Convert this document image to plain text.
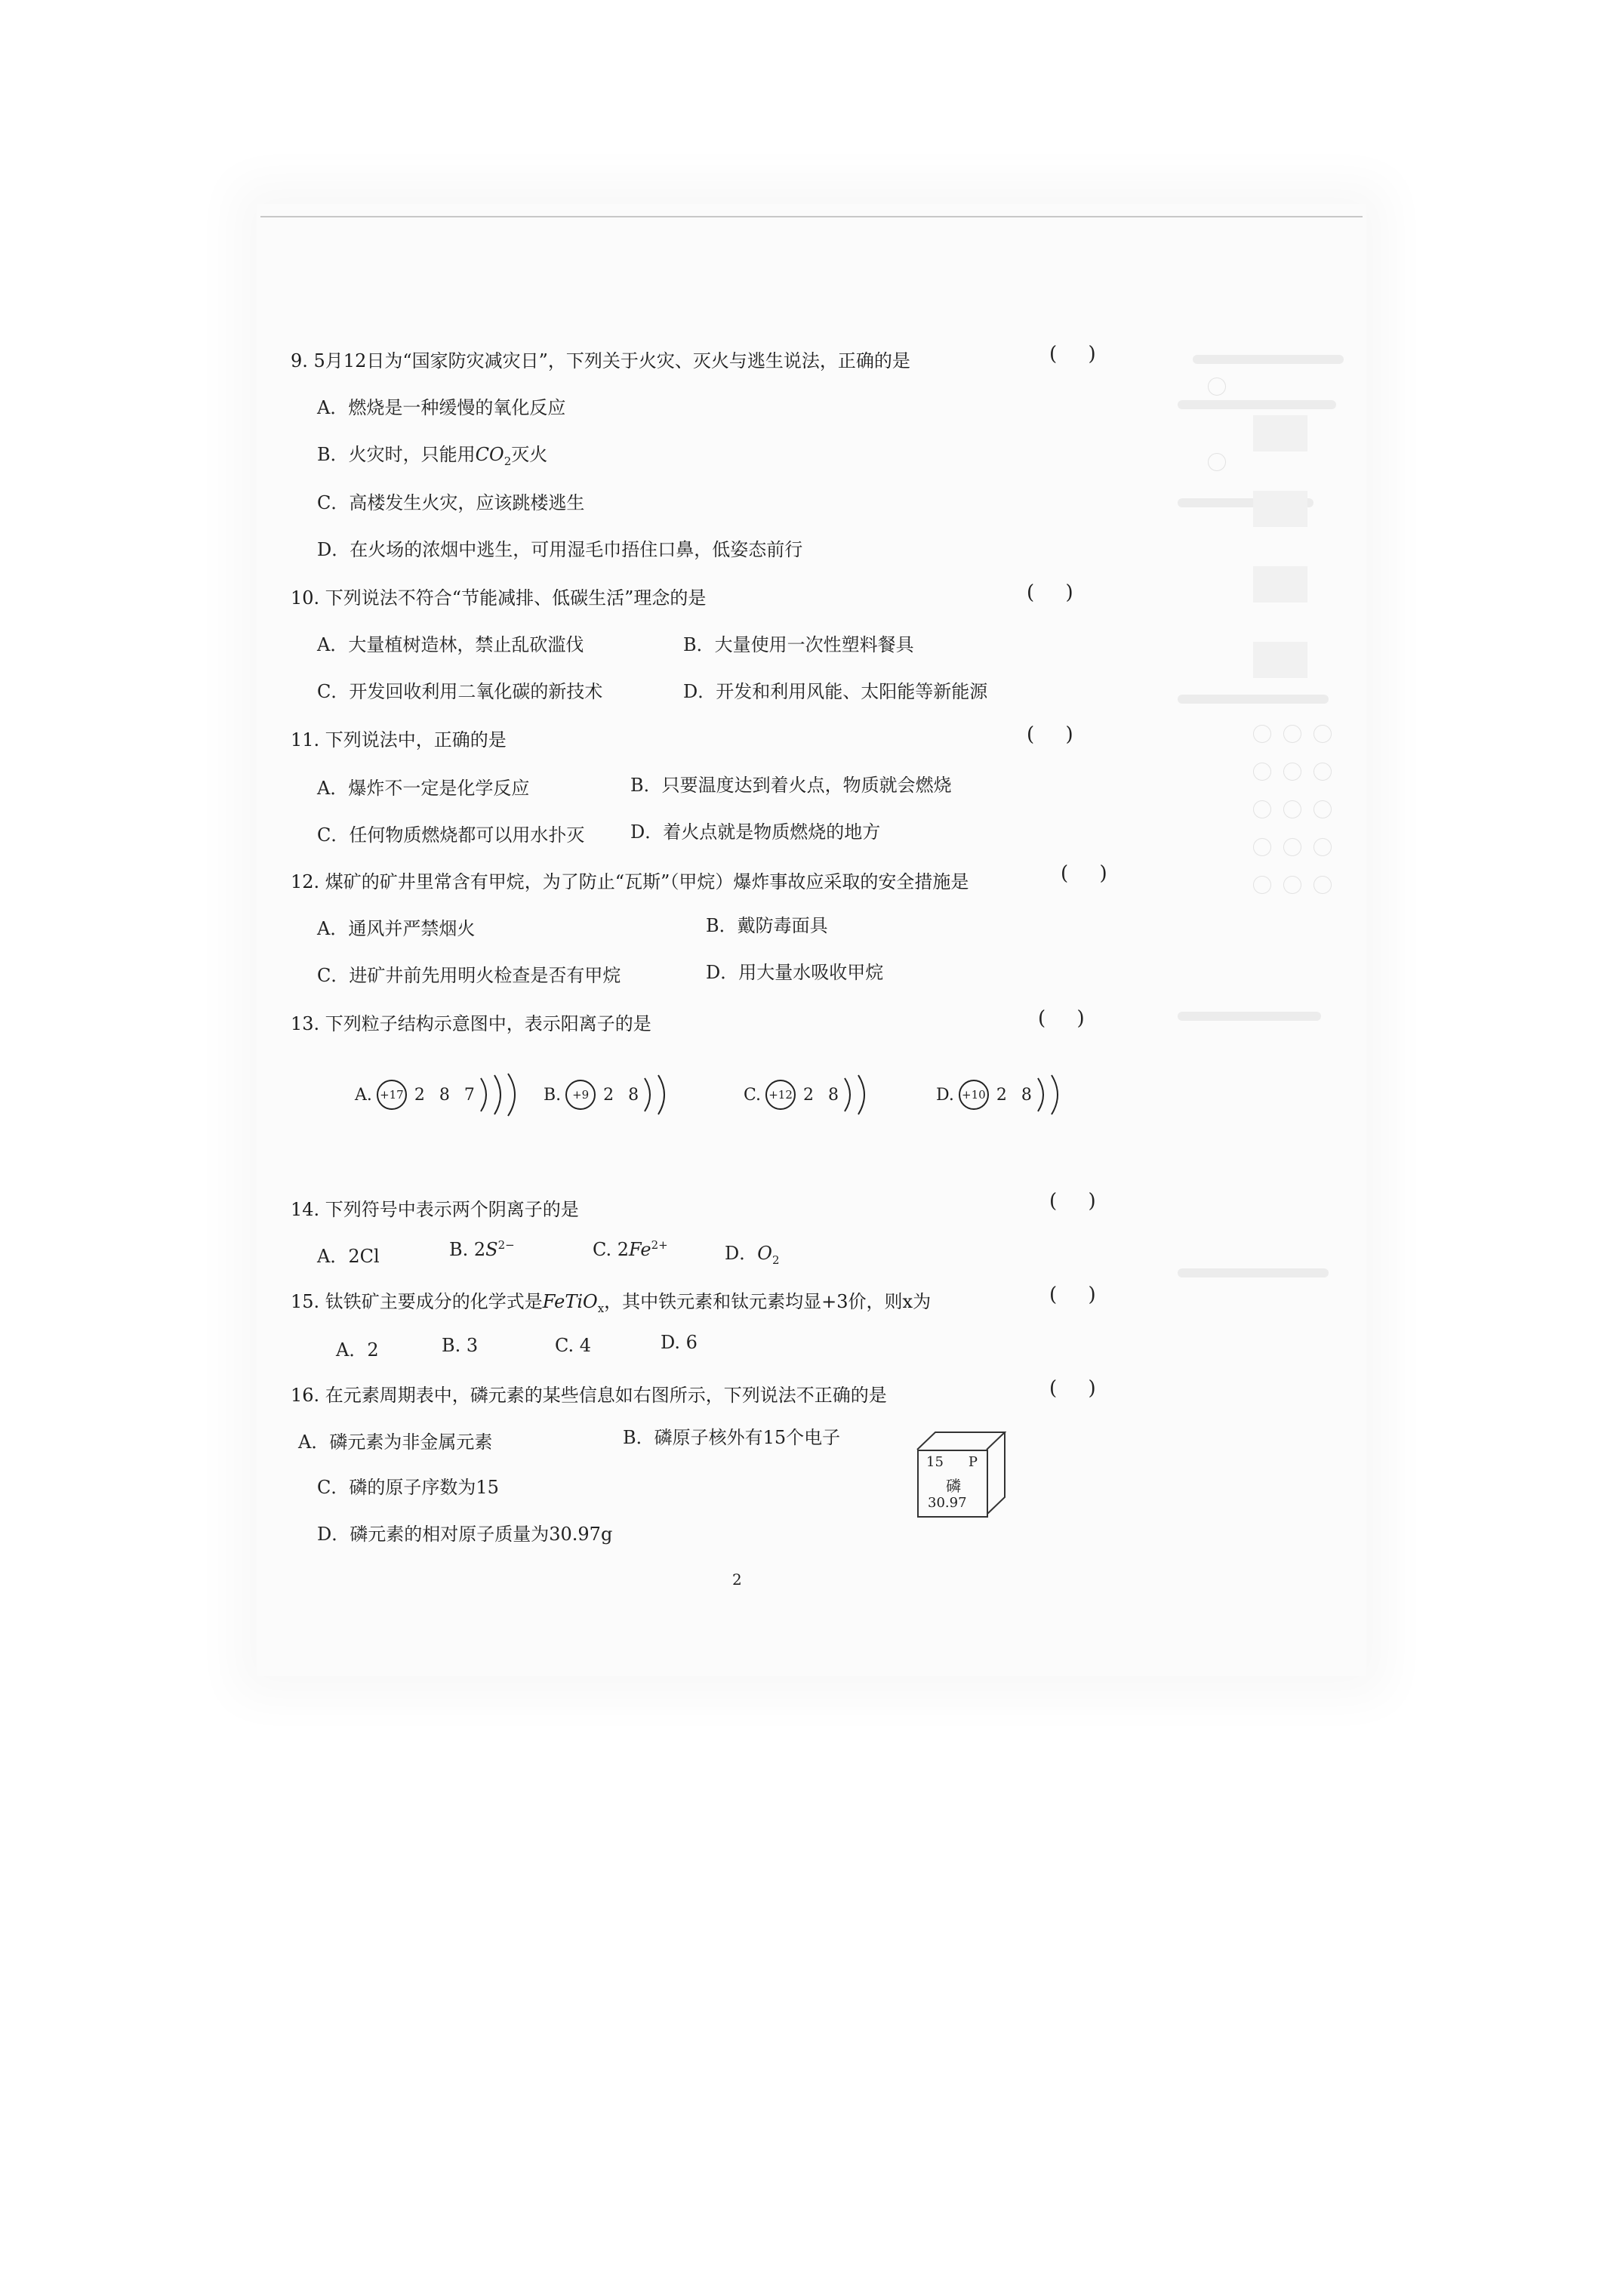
9. 5月12日为“国家防灾减灾日”，下列关于火灾、灭火与逃生说法，正确的是	(     )
A．燃烧是一种缓慢的氧化反应
B．火灾时，只能用$CO_2$灭火
C．高楼发生火灾，应该跳楼逃生
D．在火场的浓烟中逃生，可用湿毛巾捂住口鼻，低姿态前行
10. 下列说法不符合“节能减排、低碳生活”理念的是	(     )
A．大量植树造林，禁止乱砍滥伐	B．大量使用一次性塑料餐具
C．开发回收利用二氧化碳的新技术	D．开发和利用风能、太阳能等新能源
11. 下列说法中，正确的是	(     )
A．爆炸不一定是化学反应	B．只要温度达到着火点，物质就会燃烧
C．任何物质燃烧都可以用水扑灭	D．着火点就是物质燃烧的地方
12. 煤矿的矿井里常含有甲烷，为了防止“瓦斯”（甲烷）爆炸事故应采取的安全措施是	(     )
A．通风并严禁烟火	B．戴防毒面具
C．进矿井前先用明火检查是否有甲烷	D．用大量水吸收甲烷
13. 下列粒子结构示意图中，表示阳离子的是	(     )
A. +17 2 8 7	B. +9 2 8	C. +12 2 8	D. +10 2 8
14. 下列符号中表示两个阴离子的是	(     )
A．2Cl	B. $2S^{2-}$	C. $2Fe^{2+}$	D．$O_2$
15. 钛铁矿主要成分的化学式是FeTiO$_x$，其中铁元素和钛元素均显+3价，则x为	(     )
A．2	B. 3	C. 4	D. 6
16. 在元素周期表中，磷元素的某些信息如右图所示，下列说法不正确的是	(     )
A．磷元素为非金属元素	B．磷原子核外有15个电子
C．磷的原子序数为15
D．磷元素的相对原子质量为30.97g
15 P
磷
30.97
2
